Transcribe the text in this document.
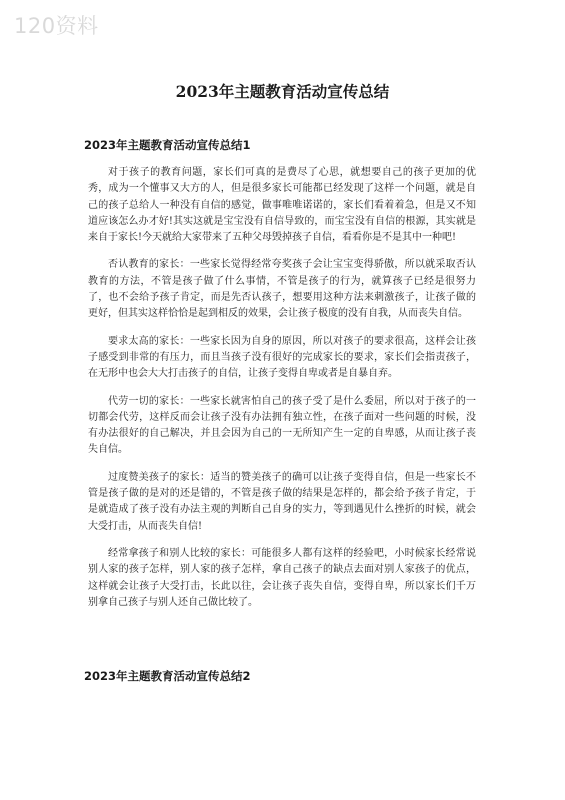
120资料
2023年主题教育活动宣传总结
2023年主题教育活动宣传总结1

对于孩子的教育问题，家长们可真的是费尽了心思，就想要自己的孩子更加的优秀，成为一个懂事又大方的人，但是很多家长可能都已经发现了这样一个问题，就是自己的孩子总给人一种没有自信的感觉，做事唯唯诺诺的，家长们看着着急，但是又不知道应该怎么办才好!其实这就是宝宝没有自信导致的，而宝宝没有自信的根源，其实就是来自于家长!今天就给大家带来了五种父母毁掉孩子自信，看看你是不是其中一种吧!

否认教育的家长：一些家长觉得经常夸奖孩子会让宝宝变得骄傲，所以就采取否认教育的方法，不管是孩子做了什么事情，不管是孩子的行为，就算孩子已经是很努力了，也不会给予孩子肯定，而是先否认孩子，想要用这种方法来刺激孩子，让孩子做的更好，但其实这样恰恰是起到相反的效果，会让孩子极度的没有自我，从而丧失自信。

要求太高的家长：一些家长因为自身的原因，所以对孩子的要求很高，这样会让孩子感受到非常的有压力，而且当孩子没有很好的完成家长的要求，家长们会指责孩子，在无形中也会大大打击孩子的自信，让孩子变得自卑或者是自暴自弃。

代劳一切的家长：一些家长就害怕自己的孩子受了是什么委屈，所以对于孩子的一切都会代劳，这样反而会让孩子没有办法拥有独立性，在孩子面对一些问题的时候，没有办法很好的自己解决，并且会因为自己的一无所知产生一定的自卑感，从而让孩子丧失自信。

过度赞美孩子的家长：适当的赞美孩子的确可以让孩子变得自信，但是一些家长不管是孩子做的是对的还是错的，不管是孩子做的结果是怎样的，都会给予孩子肯定，于是就造成了孩子没有办法主观的判断自己自身的实力，等到遇见什么挫折的时候，就会大受打击，从而丧失自信!

经常拿孩子和别人比较的家长：可能很多人都有这样的经验吧，小时候家长经常说别人家的孩子怎样，别人家的孩子怎样，拿自己孩子的缺点去面对别人家孩子的优点，这样就会让孩子大受打击，长此以往，会让孩子丧失自信，变得自卑，所以家长们千万别拿自己孩子与别人还自己做比较了。

2023年主题教育活动宣传总结2
